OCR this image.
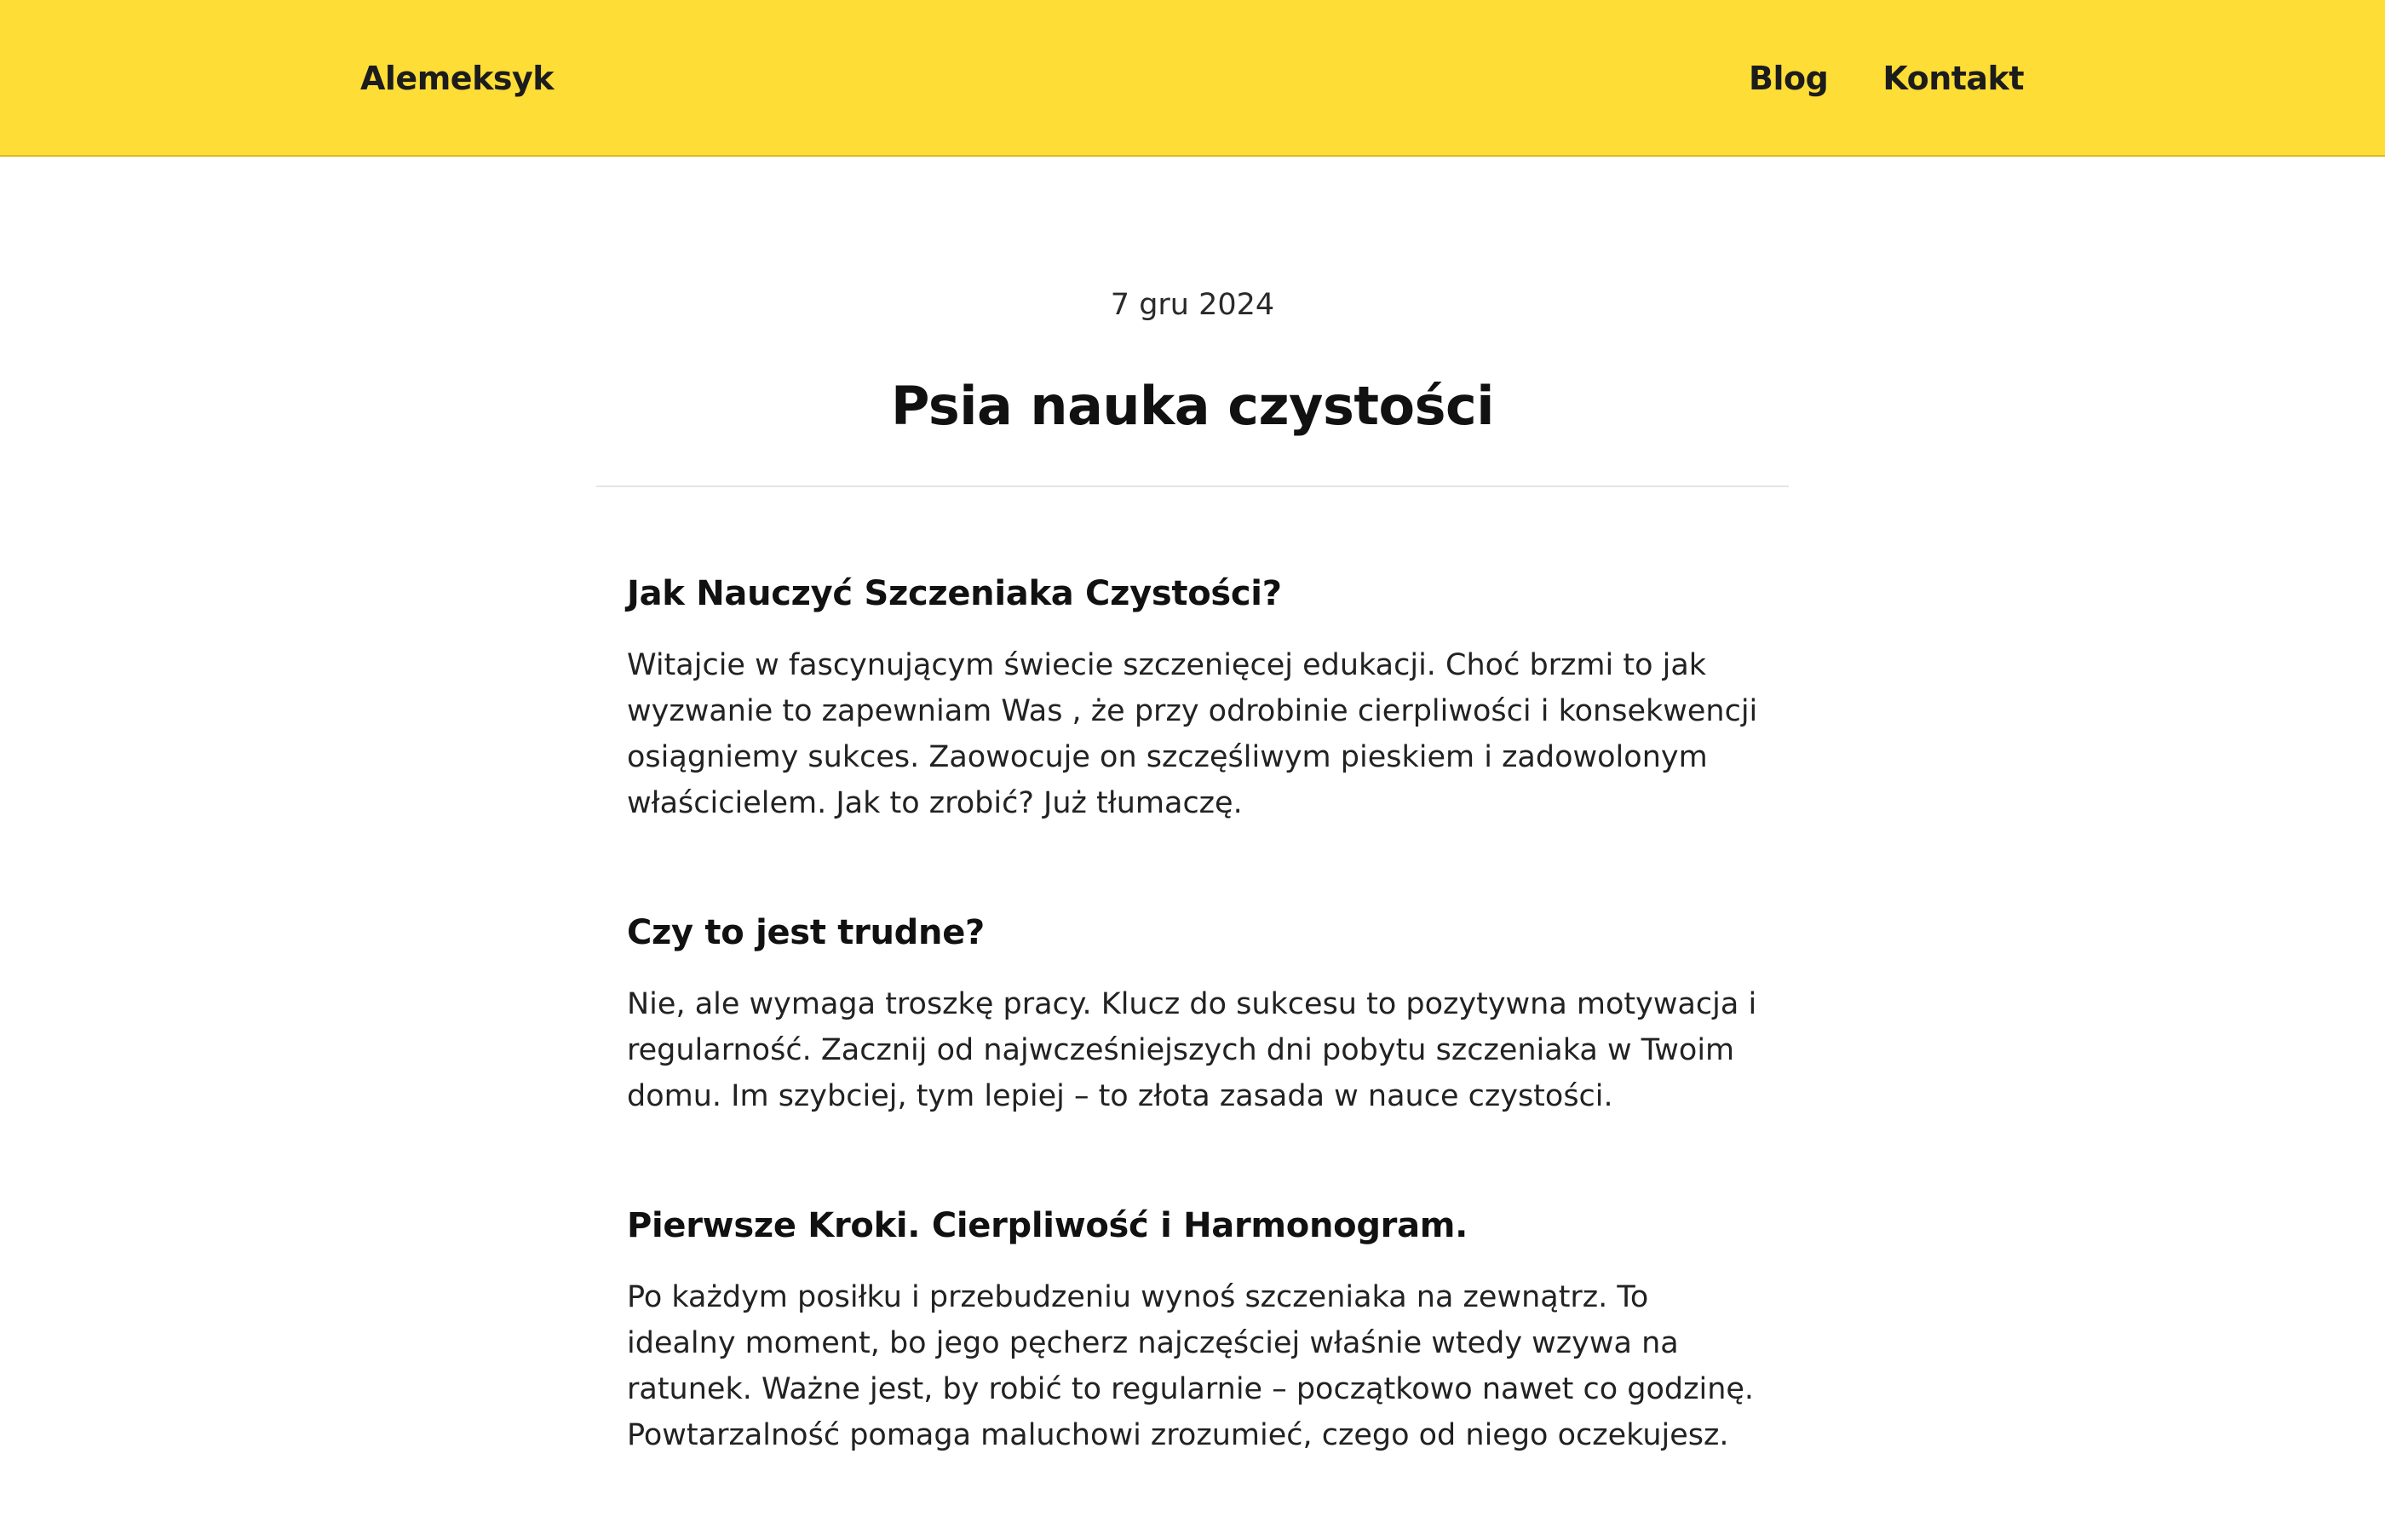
Alemeksyk	Blog Kontakt
7 gru 2024
Psia nauka czystości
Jak Nauczyć Szczeniaka Czystości?

Witajcie w fascynującym świecie szczenięcej edukacji. Choć brzmi to jak wyzwanie to zapewniam Was , że przy odrobinie cierpliwości i konsekwencji osiągniemy sukces. Zaowocuje on szczęśliwym pieskiem i zadowolonym właścicielem. Jak to zrobić? Już tłumaczę.

Czy to jest trudne?

Nie, ale wymaga troszkę pracy. Klucz do sukcesu to pozytywna motywacja i regularność. Zacznij od najwcześniejszych dni pobytu szczeniaka w Twoim domu. Im szybciej, tym lepiej – to złota zasada w nauce czystości.

Pierwsze Kroki. Cierpliwość i Harmonogram.

Po każdym posiłku i przebudzeniu wynoś szczeniaka na zewnątrz. To idealny moment, bo jego pęcherz najczęściej właśnie wtedy wzywa na ratunek. Ważne jest, by robić to regularnie – początkowo nawet co godzinę. Powtarzalność pomaga maluchowi zrozumieć, czego od niego oczekujesz.
